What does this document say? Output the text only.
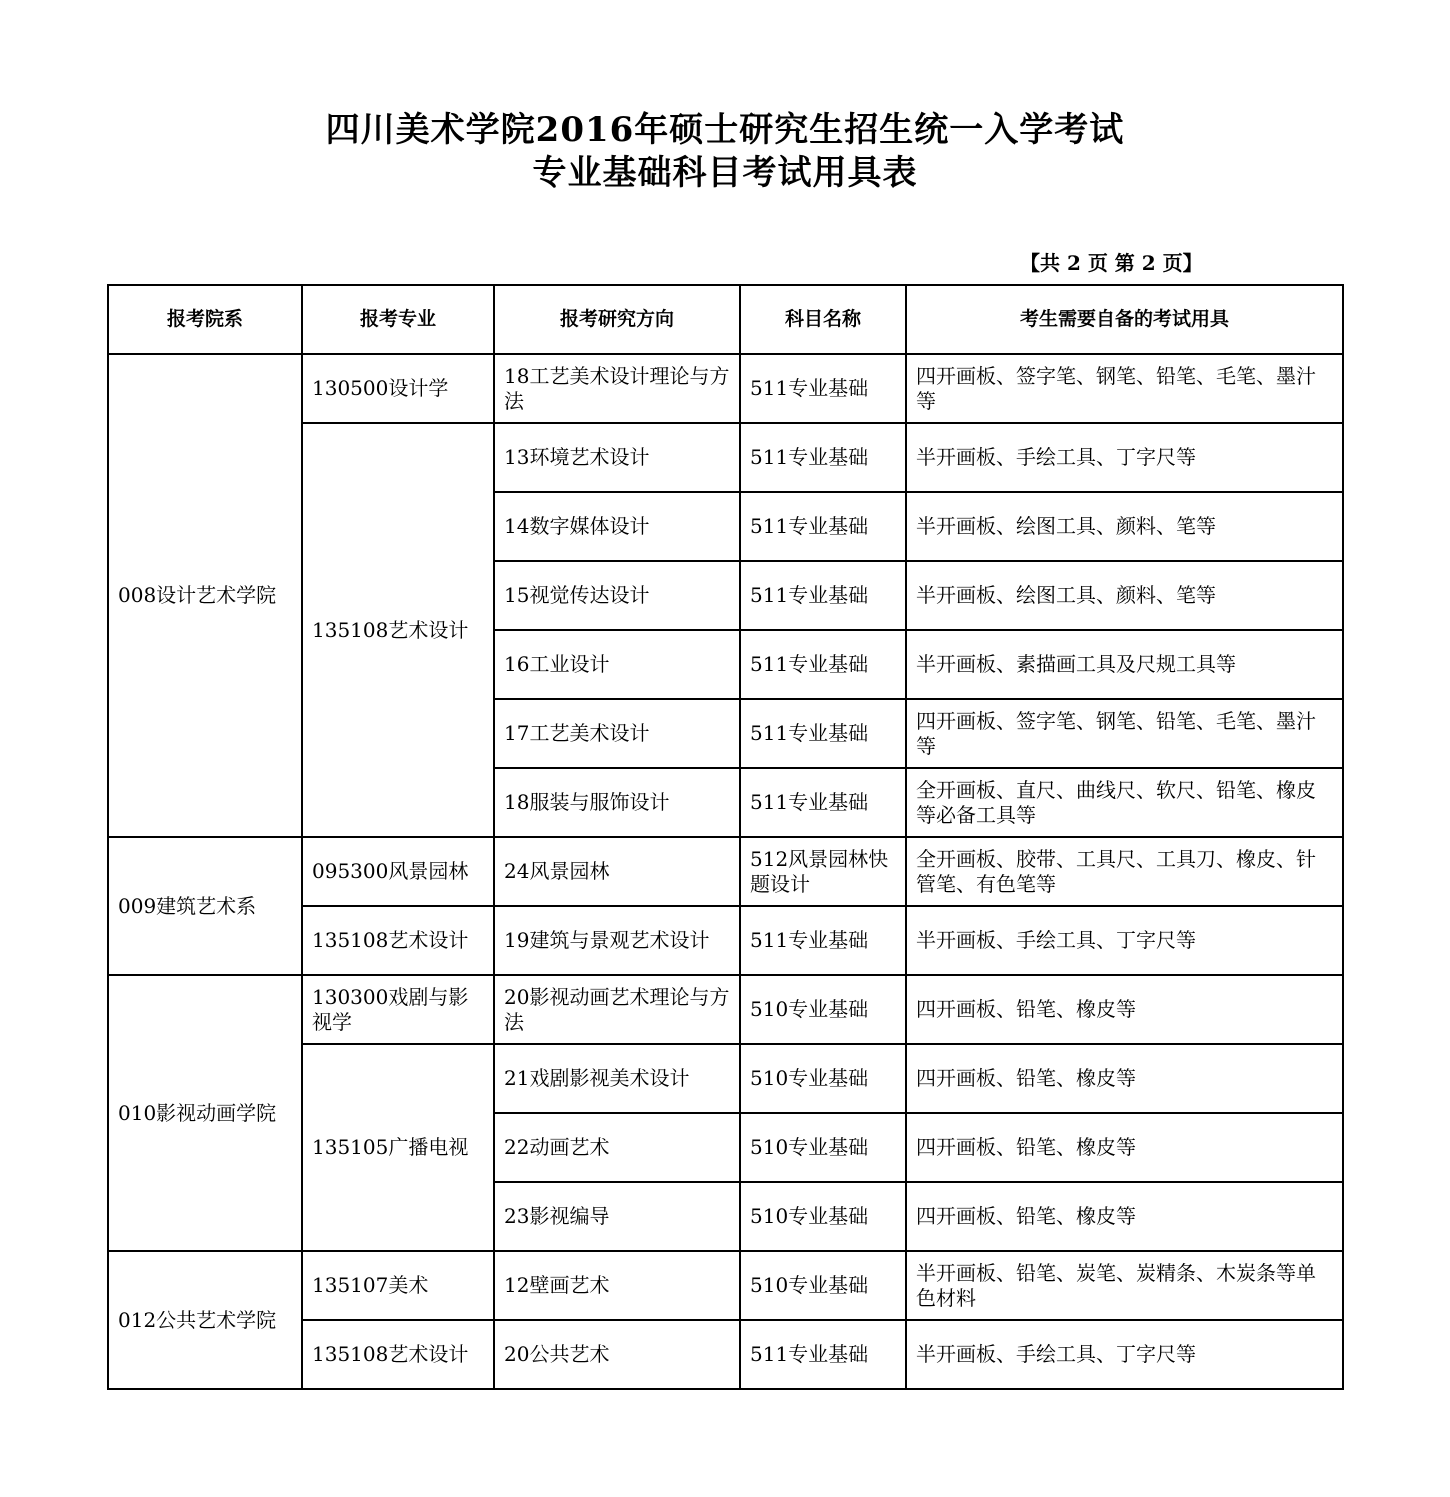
四川美术学院2016年硕士研究生招生统一入学考试
专业基础科目考试用具表
【共 2 页 第 2 页】
报考院系	报考专业	报考研究方向	科目名称	考生需要自备的考试用具
008设计艺术学院	130500设计学	18工艺美术设计理论与方法	511专业基础	四开画板、签字笔、钢笔、铅笔、毛笔、墨汁等
	135108艺术设计	13环境艺术设计	511专业基础	半开画板、手绘工具、丁字尺等
		14数字媒体设计	511专业基础	半开画板、绘图工具、颜料、笔等
		15视觉传达设计	511专业基础	半开画板、绘图工具、颜料、笔等
		16工业设计	511专业基础	半开画板、素描画工具及尺规工具等
		17工艺美术设计	511专业基础	四开画板、签字笔、钢笔、铅笔、毛笔、墨汁等
		18服装与服饰设计	511专业基础	全开画板、直尺、曲线尺、软尺、铅笔、橡皮等必备工具等
009建筑艺术系	095300风景园林	24风景园林	512风景园林快题设计	全开画板、胶带、工具尺、工具刀、橡皮、针管笔、有色笔等
	135108艺术设计	19建筑与景观艺术设计	511专业基础	半开画板、手绘工具、丁字尺等
010影视动画学院	130300戏剧与影视学	20影视动画艺术理论与方法	510专业基础	四开画板、铅笔、橡皮等
	135105广播电视	21戏剧影视美术设计	510专业基础	四开画板、铅笔、橡皮等
		22动画艺术	510专业基础	四开画板、铅笔、橡皮等
		23影视编导	510专业基础	四开画板、铅笔、橡皮等
012公共艺术学院	135107美术	12壁画艺术	510专业基础	半开画板、铅笔、炭笔、炭精条、木炭条等单色材料
	135108艺术设计	20公共艺术	511专业基础	半开画板、手绘工具、丁字尺等
